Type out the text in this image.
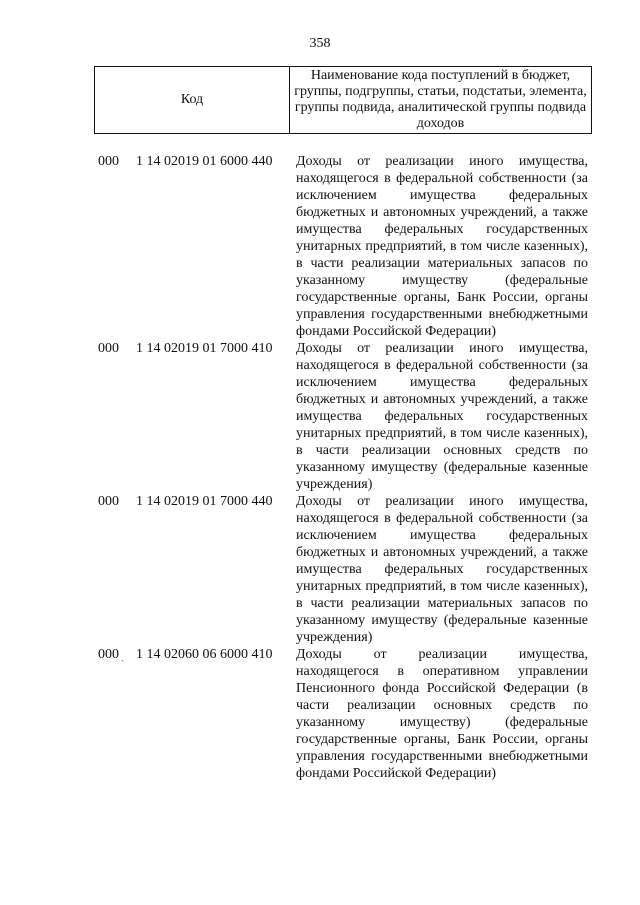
358
Код	Наименование кода поступлений в бюджет, группы, подгруппы, статьи, подстатьи, элемента, группы подвида, аналитической группы подвида доходов
000	1 14 02019 01 6000 440	Доходы от реализации иного имущества, находящегося в федеральной собственности (за исключением имущества федеральных бюджетных и автономных учреждений, а также имущества федеральных государственных унитарных предприятий, в том числе казенных), в части реализации материальных запасов по указанному имуществу (федеральные государственные органы, Банк России, органы управления государственными внебюджетными фондами Российской Федерации)
000	1 14 02019 01 7000 410	Доходы от реализации иного имущества, находящегося в федеральной собственности (за исключением имущества федеральных бюджетных и автономных учреждений, а также имущества федеральных государственных унитарных предприятий, в том числе казенных), в части реализации основных средств по указанному имуществу (федеральные казенные учреждения)
000	1 14 02019 01 7000 440	Доходы от реализации иного имущества, находящегося в федеральной собственности (за исключением имущества федеральных бюджетных и автономных учреждений, а также имущества федеральных государственных унитарных предприятий, в том числе казенных), в части реализации материальных запасов по указанному имуществу (федеральные казенные учреждения)
000	1 14 02060 06 6000 410	Доходы от реализации имущества, находящегося в оперативном управлении Пенсионного фонда Российской Федерации (в части реализации основных средств по указанному имуществу) (федеральные государственные органы, Банк России, органы управления государственными внебюджетными фондами Российской Федерации)
ˎ
